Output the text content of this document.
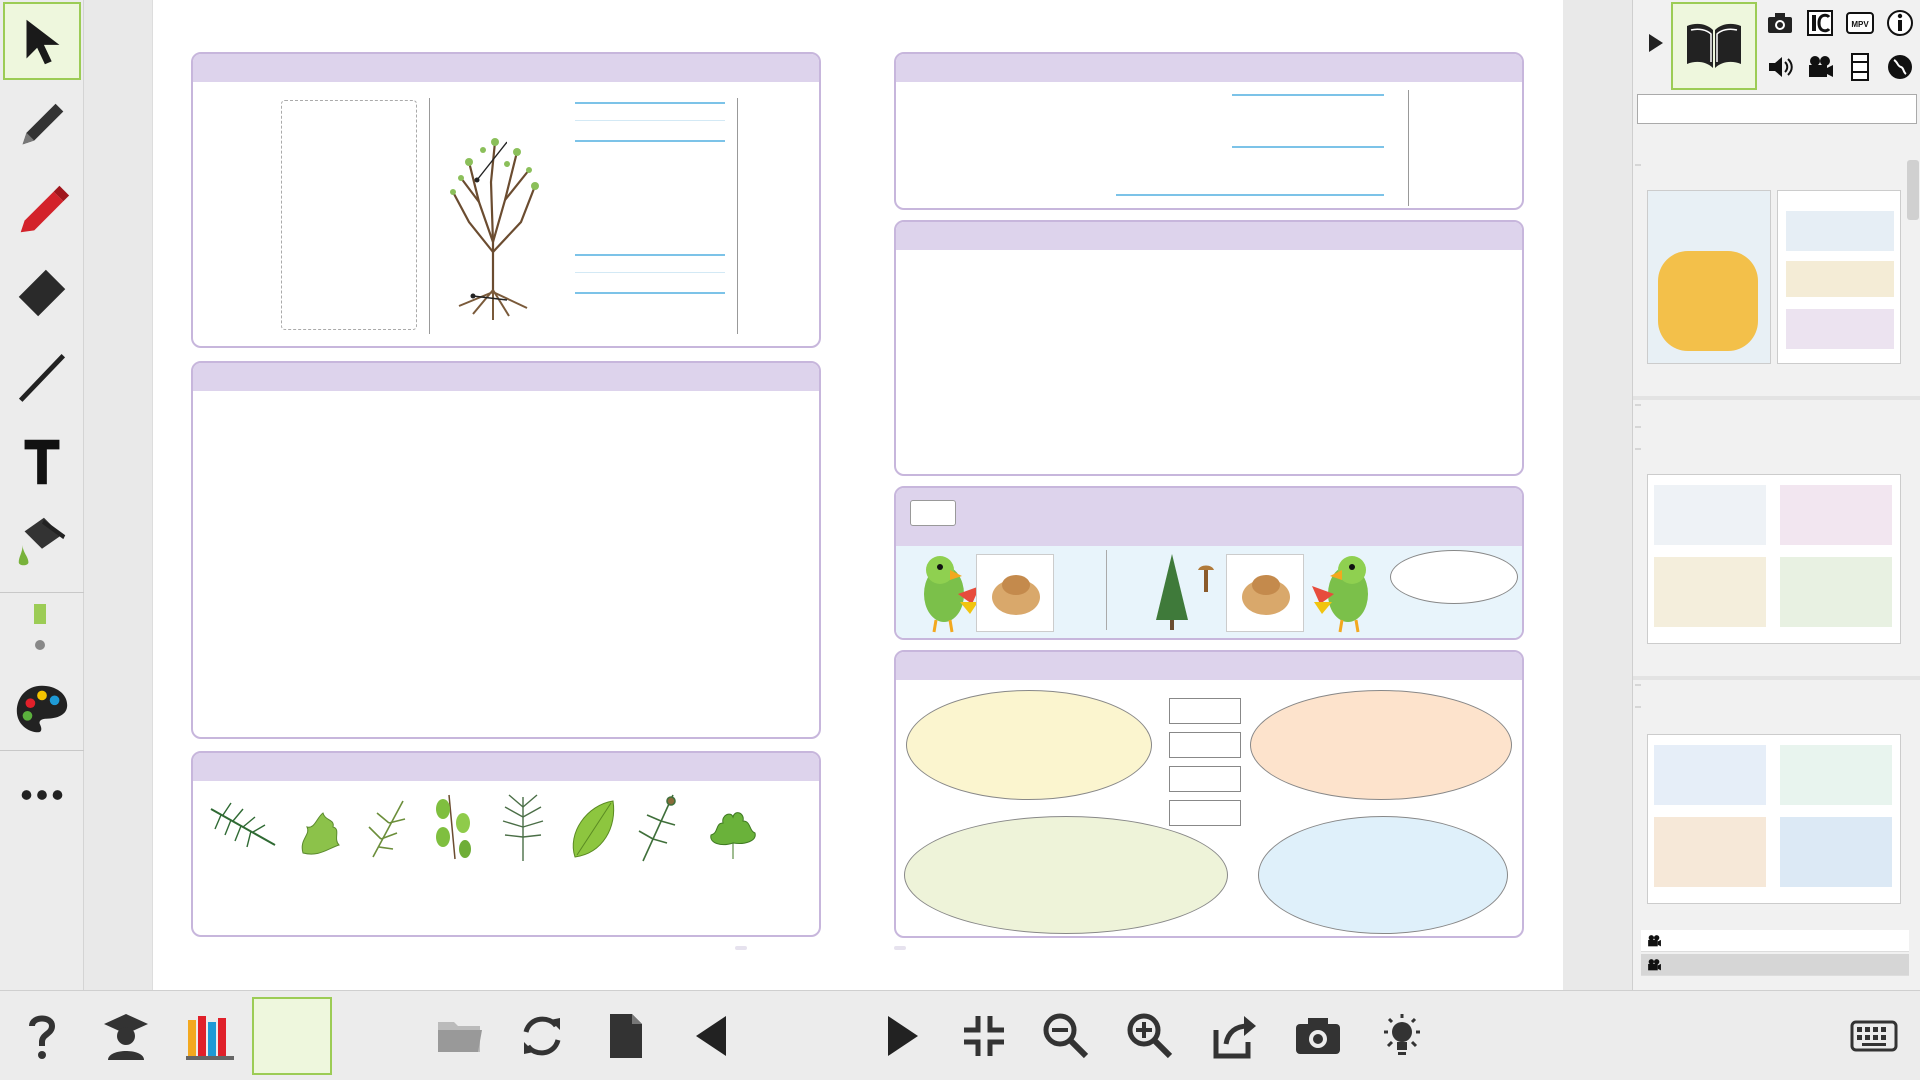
MPV
